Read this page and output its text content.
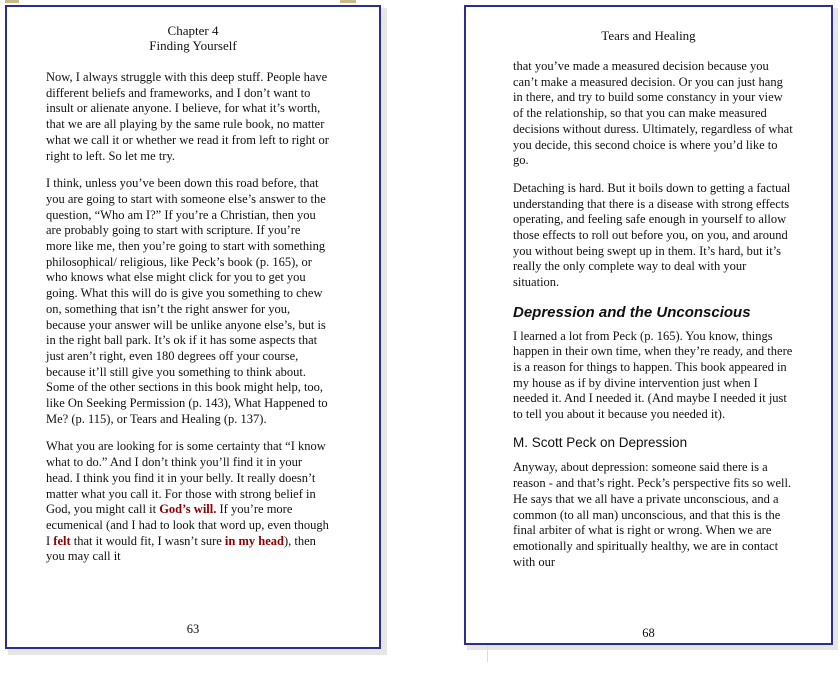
Chapter 4
Finding Yourself

Now, I always struggle with this deep stuff. People have different beliefs and frameworks, and I don’t want to insult or alienate anyone. I believe, for what it’s worth, that we are all playing by the same rule book, no matter what we call it or whether we read it from left to right or right to left. So let me try.

I think, unless you’ve been down this road before, that you are going to start with someone else’s answer to the question, “Who am I?” If you’re a Christian, then you are probably going to start with scripture. If you’re more like me, then you’re going to start with something philosophical/ religious, like Peck’s book (p. 165), or who knows what else might click for you to get you going. What this will do is give you something to chew on, something that isn’t the right answer for you, because your answer will be unlike anyone else’s, but is in the right ball park. It’s ok if it has some aspects that just aren’t right, even 180 degrees off your course, because it’ll still give you something to think about. Some of the other sections in this book might help, too, like On Seeking Permission (p. 143), What Happened to Me? (p. 115), or Tears and Healing (p. 137).

What you are looking for is some certainty that “I know what to do.” And I don’t think you’ll find it in your head. I think you find it in your belly. It really doesn’t matter what you call it. For those with strong belief in God, you might call it God’s will. If you’re more ecumenical (and I had to look that word up, even though I felt that it would fit, I wasn’t sure in my head), then you may call it

63
Tears and Healing

that you’ve made a measured decision because you can’t make a measured decision. Or you can just hang in there, and try to build some constancy in your view of the relationship, so that you can make measured decisions without duress. Ultimately, regardless of what you decide, this second choice is where you’d like to go.

Detaching is hard. But it boils down to getting a factual understanding that there is a disease with strong effects operating, and feeling safe enough in yourself to allow those effects to roll out before you, on you, and around you without being swept up in them. It’s hard, but it’s really the only complete way to deal with your situation.

Depression and the Unconscious

I learned a lot from Peck (p. 165). You know, things happen in their own time, when they’re ready, and there is a reason for things to happen. This book appeared in my house as if by divine intervention just when I needed it. And I needed it. (And maybe I needed it just to tell you about it because you needed it).

M. Scott Peck on Depression

Anyway, about depression: someone said there is a reason - and that’s right. Peck’s perspective fits so well. He says that we all have a private unconscious, and a common (to all man) unconscious, and that this is the final arbiter of what is right or wrong. When we are emotionally and spiritually healthy, we are in contact with our

68
